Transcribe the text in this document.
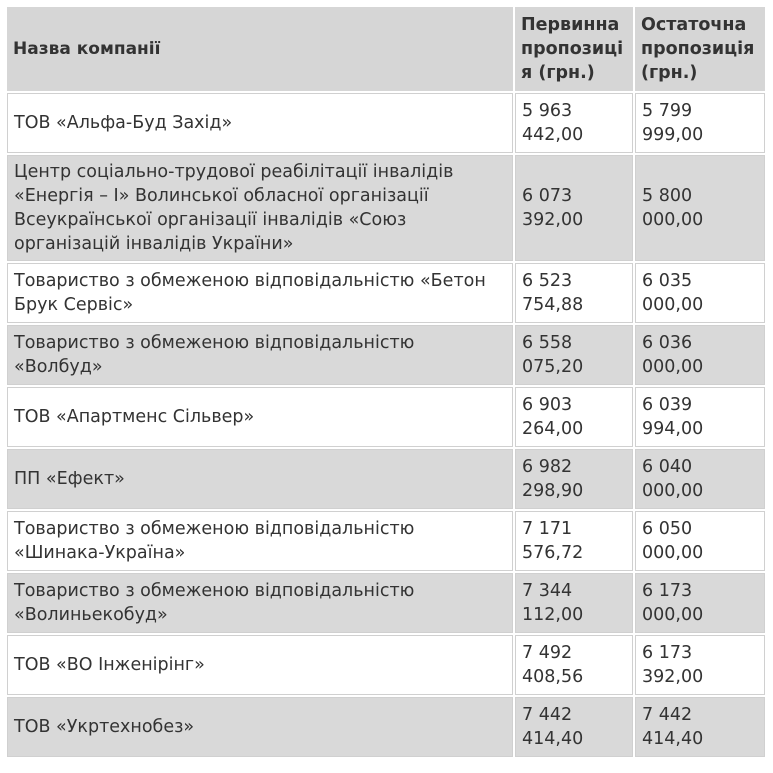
Назва компанії	Первинна пропозиція (грн.)	Остаточна пропозиція (грн.)
ТОВ «Альфа-Буд Захід»	5 963 442,00	5 799 999,00
Центр соціально-трудової реабілітації інвалідів «Енергія – І» Волинської обласної організації Всеукраїнської організації інвалідів «Союз організацій інвалідів України»	6 073 392,00	5 800 000,00
Товариство з обмеженою відповідальністю «Бетон Брук Сервіс»	6 523 754,88	6 035 000,00
Товариство з обмеженою відповідальністю «Волбуд»	6 558 075,20	6 036 000,00
ТОВ «Апартменс Сільвер»	6 903 264,00	6 039 994,00
ПП «Ефект»	6 982 298,90	6 040 000,00
Товариство з обмеженою відповідальністю «Шинака-Україна»	7 171 576,72	6 050 000,00
Товариство з обмеженою відповідальністю «Волиньекобуд»	7 344 112,00	6 173 000,00
ТОВ «ВО Інженірінг»	7 492 408,56	6 173 392,00
ТОВ «Укртехнобез»	7 442 414,40	7 442 414,40
